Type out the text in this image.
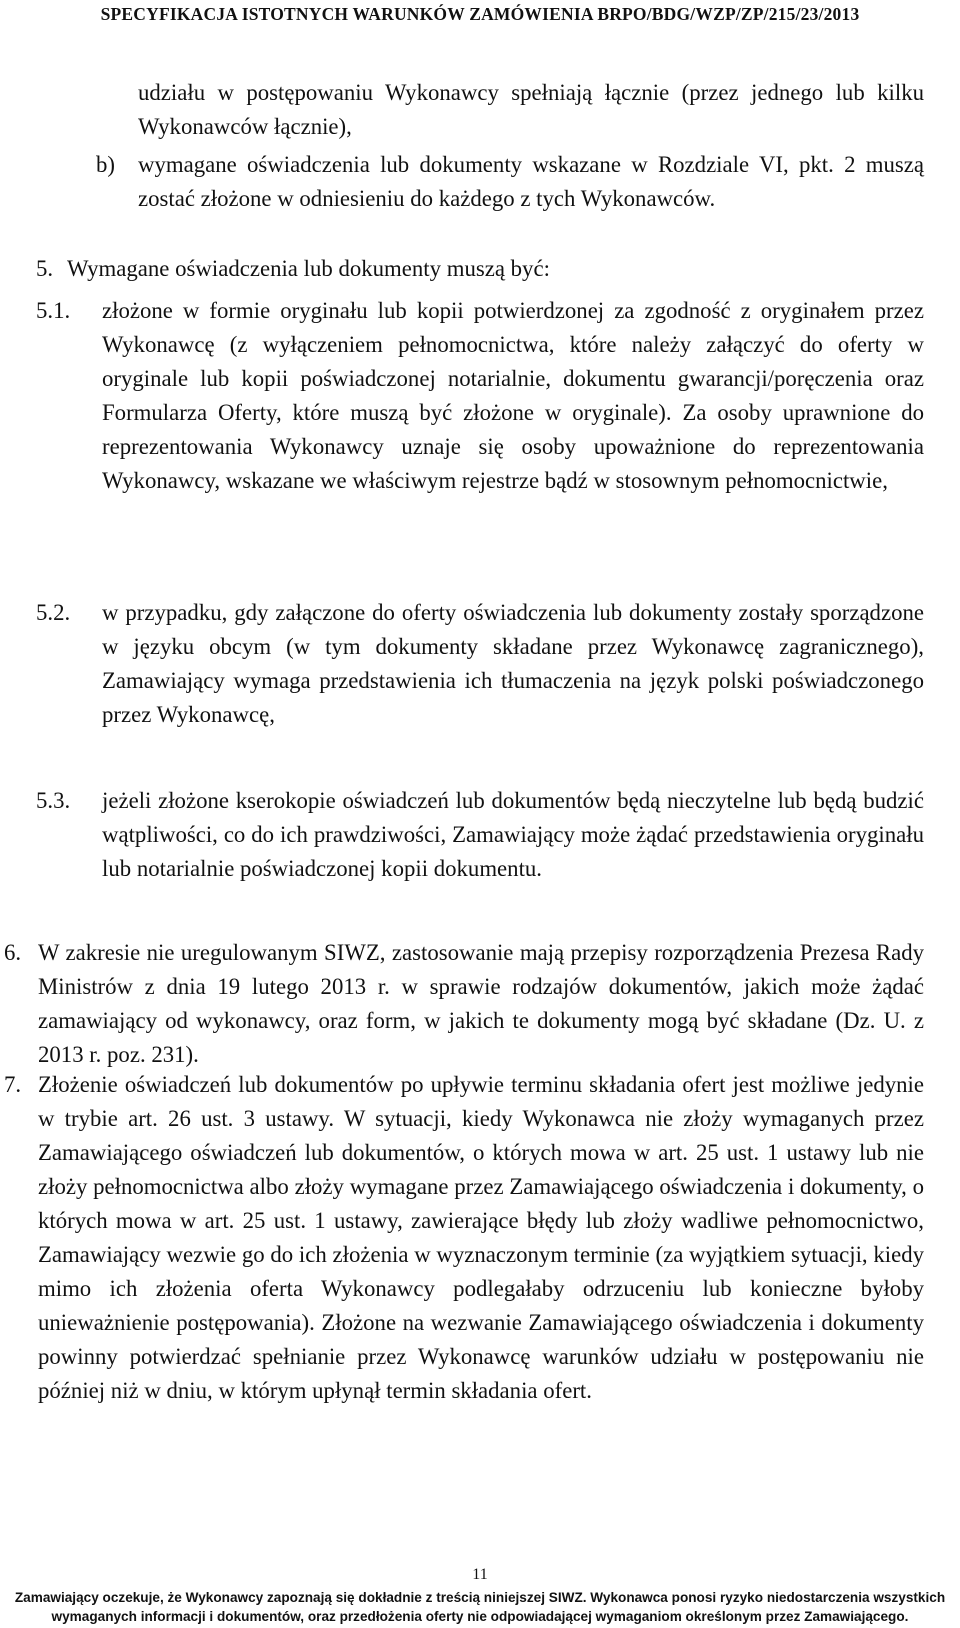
SPECYFIKACJA ISTOTNYCH WARUNKÓW ZAMÓWIENIA BRPO/BDG/WZP/ZP/215/23/2013

udziału w postępowaniu Wykonawcy spełniają łącznie (przez jednego lub kilku Wykonawców łącznie),

b) wymagane oświadczenia lub dokumenty wskazane w Rozdziale VI, pkt. 2 muszą zostać złożone w odniesieniu do każdego z tych Wykonawców.

5. Wymagane oświadczenia lub dokumenty muszą być:

5.1. złożone w formie oryginału lub kopii potwierdzonej za zgodność z oryginałem przez Wykonawcę (z wyłączeniem pełnomocnictwa, które należy załączyć do oferty w oryginale lub kopii poświadczonej notarialnie, dokumentu gwarancji/poręczenia oraz Formularza Oferty, które muszą być złożone w oryginale). Za osoby uprawnione do reprezentowania Wykonawcy uznaje się osoby upoważnione do reprezentowania Wykonawcy, wskazane we właściwym rejestrze bądź w stosownym pełnomocnictwie,

5.2. w przypadku, gdy załączone do oferty oświadczenia lub dokumenty zostały sporządzone w języku obcym (w tym dokumenty składane przez Wykonawcę zagranicznego), Zamawiający wymaga przedstawienia ich tłumaczenia na język polski poświadczonego przez Wykonawcę,

5.3. jeżeli złożone kserokopie oświadczeń lub dokumentów będą nieczytelne lub będą budzić wątpliwości, co do ich prawdziwości, Zamawiający może żądać przedstawienia oryginału lub notarialnie poświadczonej kopii dokumentu.

6. W zakresie nie uregulowanym SIWZ, zastosowanie mają przepisy rozporządzenia Prezesa Rady Ministrów z dnia 19 lutego 2013 r. w sprawie rodzajów dokumentów, jakich może żądać zamawiający od wykonawcy, oraz form, w jakich te dokumenty mogą być składane (Dz. U. z 2013 r. poz. 231).

7. Złożenie oświadczeń lub dokumentów po upływie terminu składania ofert jest możliwe jedynie w trybie art. 26 ust. 3 ustawy. W sytuacji, kiedy Wykonawca nie złoży wymaganych przez Zamawiającego oświadczeń lub dokumentów, o których mowa w art. 25 ust. 1 ustawy lub nie złoży pełnomocnictwa albo złoży wymagane przez Zamawiającego oświadczenia i dokumenty, o których mowa w art. 25 ust. 1 ustawy, zawierające błędy lub złoży wadliwe pełnomocnictwo, Zamawiający wezwie go do ich złożenia w wyznaczonym terminie (za wyjątkiem sytuacji, kiedy mimo ich złożenia oferta Wykonawcy podlegałaby odrzuceniu lub konieczne byłoby unieważnienie postępowania). Złożone na wezwanie Zamawiającego oświadczenia i dokumenty powinny potwierdzać spełnianie przez Wykonawcę warunków udziału w postępowaniu nie później niż w dniu, w którym upłynął termin składania ofert.

11
Zamawiający oczekuje, że Wykonawcy zapoznają się dokładnie z treścią niniejszej SIWZ. Wykonawca ponosi ryzyko niedostarczenia wszystkich
wymaganych informacji i dokumentów, oraz przedłożenia oferty nie odpowiadającej wymaganiom określonym przez Zamawiającego.
